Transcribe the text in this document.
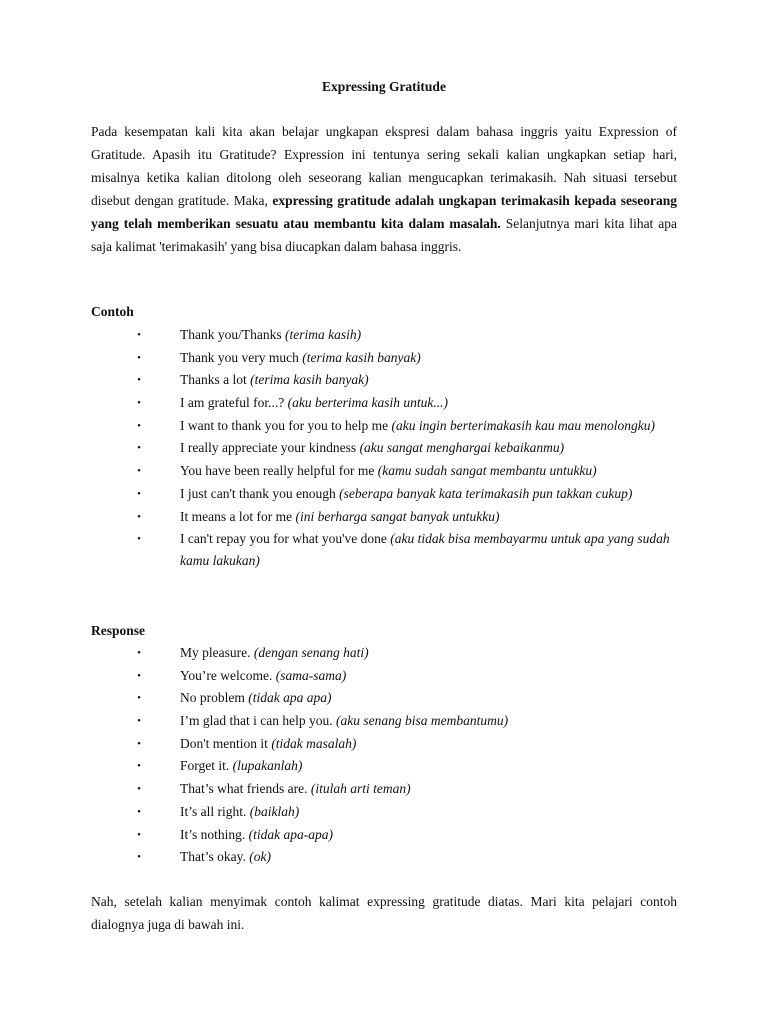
Expressing Gratitude

Pada kesempatan kali kita akan belajar ungkapan ekspresi dalam bahasa inggris yaitu Expression of Gratitude. Apasih itu Gratitude? Expression ini tentunya sering sekali kalian ungkapkan setiap hari, misalnya ketika kalian ditolong oleh seseorang kalian mengucapkan terimakasih. Nah situasi tersebut disebut dengan gratitude. Maka, expressing gratitude adalah ungkapan terimakasih kepada seseorang yang telah memberikan sesuatu atau membantu kita dalam masalah. Selanjutnya mari kita lihat apa saja kalimat 'terimakasih' yang bisa diucapkan dalam bahasa inggris.

Contoh
•	Thank you/Thanks (terima kasih)
•	Thank you very much (terima kasih banyak)
•	Thanks a lot (terima kasih banyak)
•	I am grateful for...? (aku berterima kasih untuk...)
•	I want to thank you for you to help me (aku ingin berterimakasih kau mau menolongku)
•	I really appreciate your kindness (aku sangat menghargai kebaikanmu)
•	You have been really helpful for me (kamu sudah sangat membantu untukku)
•	I just can't thank you enough (seberapa banyak kata terimakasih pun takkan cukup)
•	It means a lot for me (ini berharga sangat banyak untukku)
•	I can't repay you for what you've done (aku tidak bisa membayarmu untuk apa yang sudah kamu lakukan)
Response
•	My pleasure. (dengan senang hati)
•	You’re welcome. (sama-sama)
•	No problem (tidak apa apa)
•	I’m glad that i can help you. (aku senang bisa membantumu)
•	Don't mention it (tidak masalah)
•	Forget it. (lupakanlah)
•	That’s what friends are. (itulah arti teman)
•	It’s all right. (baiklah)
•	It’s nothing. (tidak apa-apa)
•	That’s okay. (ok)

Nah, setelah kalian menyimak contoh kalimat expressing gratitude diatas. Mari kita pelajari contoh dialognya juga di bawah ini.
